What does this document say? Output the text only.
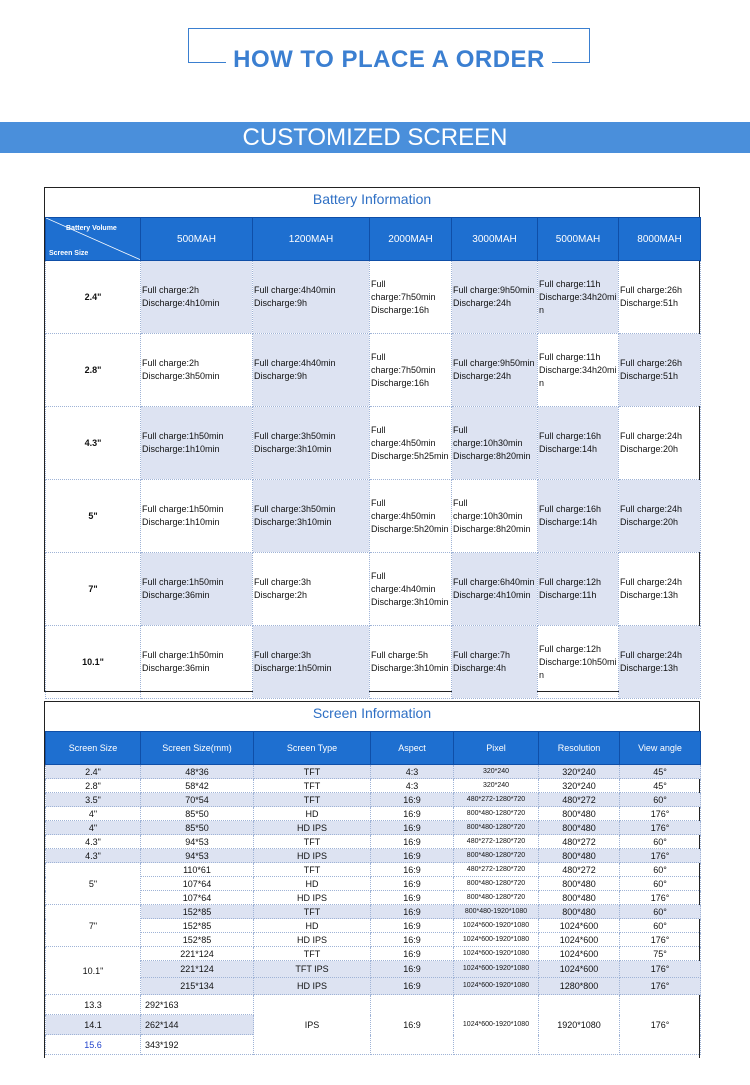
HOW TO PLACE A ORDER
CUSTOMIZED SCREEN
Battery Information
Battery Volume
Screen Size	500MAH	1200MAH	2000MAH	3000MAH	5000MAH	8000MAH
2.4"	Full charge:2h
Discharge:4h10min	Full charge:4h40min
Discharge:9h	Full
charge:7h50min
Discharge:16h	Full charge:9h50min
Discharge:24h	Full charge:11h
Discharge:34h20mi
n	Full charge:26h
Discharge:51h
2.8"	Full charge:2h
Discharge:3h50min	Full charge:4h40min
Discharge:9h	Full
charge:7h50min
Discharge:16h	Full charge:9h50min
Discharge:24h	Full charge:11h
Discharge:34h20mi
n	Full charge:26h
Discharge:51h
4.3"	Full charge:1h50min
Discharge:1h10min	Full charge:3h50min
Discharge:3h10min	Full
charge:4h50min
Discharge:5h25min	Full
charge:10h30min
Discharge:8h20min	Full charge:16h
Discharge:14h	Full charge:24h
Discharge:20h
5"	Full charge:1h50min
Discharge:1h10min	Full charge:3h50min
Discharge:3h10min	Full
charge:4h50min
Discharge:5h20min	Full
charge:10h30min
Discharge:8h20min	Full charge:16h
Discharge:14h	Full charge:24h
Discharge:20h
7"	Full charge:1h50min
Discharge:36min	Full charge:3h
Discharge:2h	Full
charge:4h40min
Discharge:3h10min	Full charge:6h40min
Discharge:4h10min	Full charge:12h
Discharge:11h	Full charge:24h
Discharge:13h
10.1"	Full charge:1h50min
Discharge:36min	Full charge:3h
Discharge:1h50min	Full charge:5h
Discharge:3h10min	Full charge:7h
Discharge:4h	Full charge:12h
Discharge:10h50mi
n	Full charge:24h
Discharge:13h
Screen Information
Screen Size	Screen Size(mm)	Screen Type	Aspect	Pixel	Resolution	View angle
2.4"	48*36	TFT	4:3	320*240	320*240	45°
2.8"	58*42	TFT	4:3	320*240	320*240	45°
3.5"	70*54	TFT	16:9	480*272-1280*720	480*272	60°
4"	85*50	HD	16:9	800*480-1280*720	800*480	176°
4"	85*50	HD IPS	16:9	800*480-1280*720	800*480	176°
4.3"	94*53	TFT	16:9	480*272-1280*720	480*272	60°
4.3"	94*53	HD IPS	16:9	800*480-1280*720	800*480	176°
5"	110*61	TFT	16:9	480*272-1280*720	480*272	60°
	107*64	HD	16:9	800*480-1280*720	800*480	60°
	107*64	HD IPS	16:9	800*480-1280*720	800*480	176°
7"	152*85	TFT	16:9	800*480-1920*1080	800*480	60°
	152*85	HD	16:9	1024*600-1920*1080	1024*600	60°
	152*85	HD IPS	16:9	1024*600-1920*1080	1024*600	176°
10.1"	221*124	TFT	16:9	1024*600-1920*1080	1024*600	75°
	221*124	TFT IPS	16:9	1024*600-1920*1080	1024*600	176°
	215*134	HD IPS	16:9	1024*600-1920*1080	1280*800	176°
13.3	292*163	IPS	16:9	1024*600-1920*1080	1920*1080	176°
14.1	262*144					
15.6	343*192					
